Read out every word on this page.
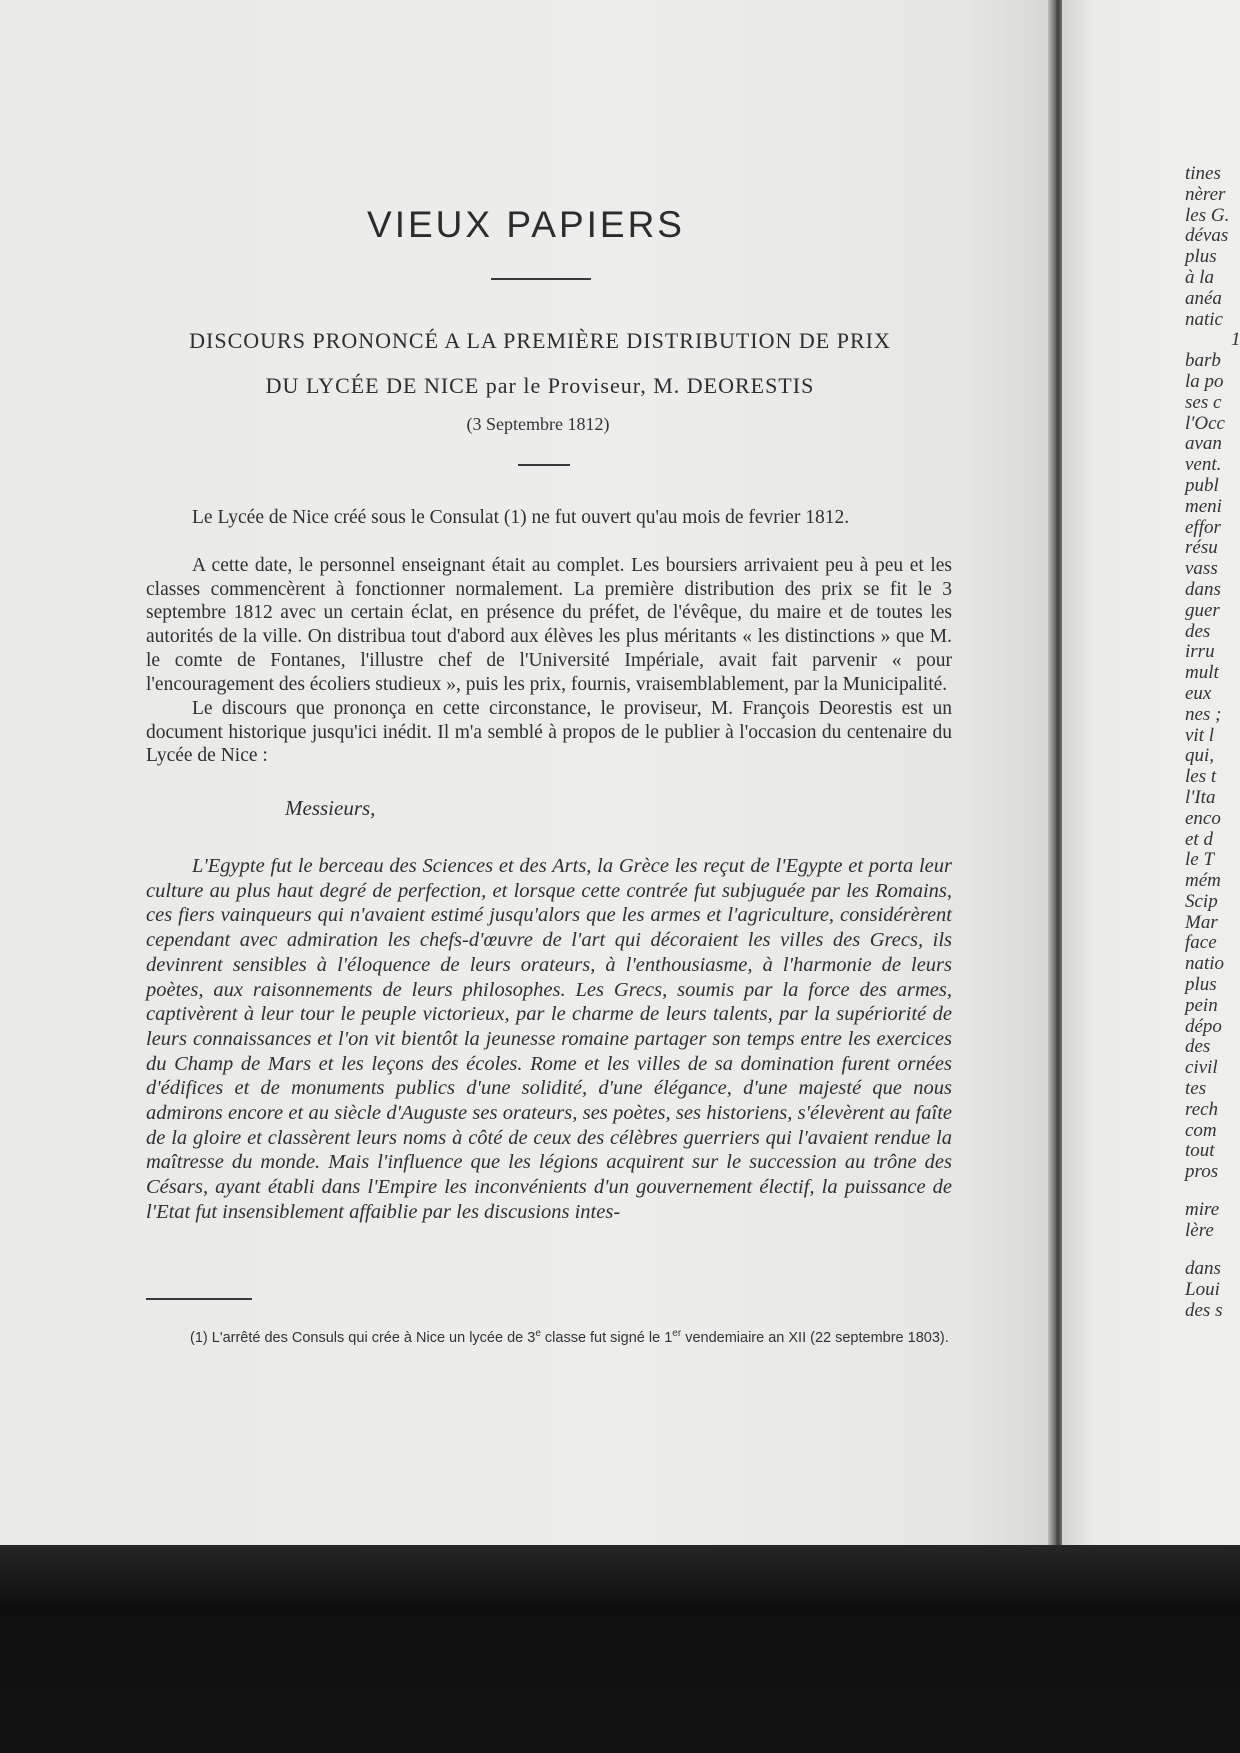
VIEUX PAPIERS
DISCOURS PRONONCÉ A LA PREMIÈRE DISTRIBUTION DE PRIX
DU LYCÉE DE NICE par le Proviseur, M. DEORESTIS
(3 Septembre 1812)

Le Lycée de Nice créé sous le Consulat (1) ne fut ouvert qu'au mois de fevrier 1812.

A cette date, le personnel enseignant était au complet. Les boursiers arrivaient peu à peu et les classes commencèrent à fonctionner normalement. La première distribution des prix se fit le 3 septembre 1812 avec un certain éclat, en présence du préfet, de l'évêque, du maire et de toutes les autorités de la ville. On distribua tout d'abord aux élèves les plus méritants « les distinctions » que M. le comte de Fontanes, l'illustre chef de l'Université Impériale, avait fait parvenir « pour l'encouragement des écoliers studieux », puis les prix, fournis, vraisemblablement, par la Municipalité.

Le discours que prononça en cette circonstance, le proviseur, M. François Deorestis est un document historique jusqu'ici inédit. Il m'a semblé à propos de le publier à l'occasion du centenaire du Lycée de Nice :

Messieurs,

L'Egypte fut le berceau des Sciences et des Arts, la Grèce les reçut de l'Egypte et porta leur culture au plus haut degré de perfection, et lorsque cette contrée fut subjuguée par les Romains, ces fiers vainqueurs qui n'avaient estimé jusqu'alors que les armes et l'agriculture, considérèrent cependant avec admiration les chefs-d'œuvre de l'art qui décoraient les villes des Grecs, ils devinrent sensibles à l'éloquence de leurs orateurs, à l'enthousiasme, à l'harmonie de leurs poètes, aux raisonnements de leurs philosophes. Les Grecs, soumis par la force des armes, captivèrent à leur tour le peuple victorieux, par le charme de leurs talents, par la supériorité de leurs connaissances et l'on vit bientôt la jeunesse romaine partager son temps entre les exercices du Champ de Mars et les leçons des écoles. Rome et les villes de sa domination furent ornées d'édifices et de monuments publics d'une solidité, d'une élégance, d'une majesté que nous admirons encore et au siècle d'Auguste ses orateurs, ses poètes, ses historiens, s'élevèrent au faîte de la gloire et classèrent leurs noms à côté de ceux des célèbres guerriers qui l'avaient rendue la maîtresse du monde. Mais l'influence que les légions acquirent sur le succession au trône des Césars, ayant établi dans l'Empire les inconvénients d'un gouvernement électif, la puissance de l'Etat fut insensiblement affaiblie par les discusions intes-

(1) L'arrêté des Consuls qui crée à Nice un lycée de 3e classe fut signé le 1er vendemiaire an XII (22 septembre 1803).

tines
nèrer
les G.
dévas
plus
à la
anéa
natic
1
barb
la po
ses c
l'Occ
avan
vent.
publ
meni
effor
résu
vass
dans
guer
des
irru
mult
eux
nes ;
vit l
qui,
les t
l'Ita
enco
et d
le T
mém
Scip
Mar
face
natio
plus
pein
dépo
des
civil
tes
rech
com
tout
pros
mire
lère
dans
Loui
des s
